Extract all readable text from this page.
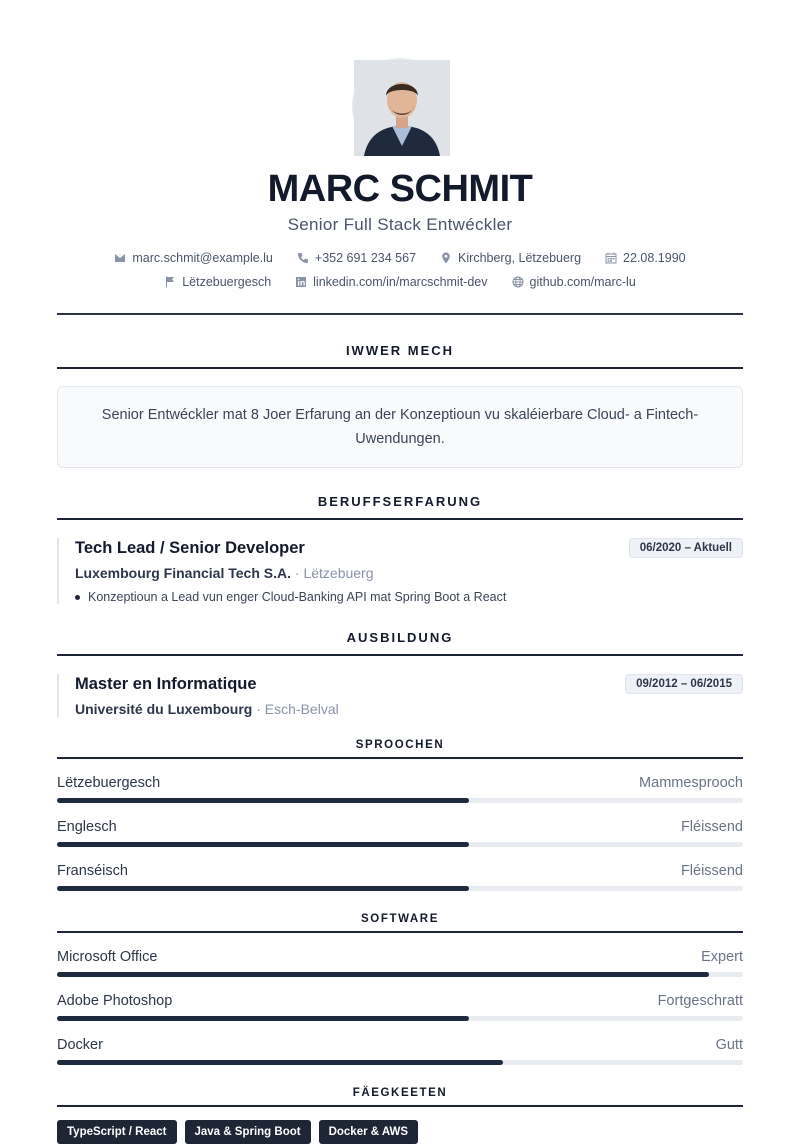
MARC SCHMIT
Senior Full Stack Entwéckler
marc.schmit@example.lu	+352 691 234 567	Kirchberg, Lëtzebuerg	22.08.1990
Lëtzebuergesch	linkedin.com/in/marcschmit-dev	github.com/marc-lu
IWWER MECH
Senior Entwéckler mat 8 Joer Erfarung an der Konzeptioun vu skaléierbare Cloud- a Fintech-Uwendungen.
BERUFFSERFARUNG
Tech Lead / Senior Developer	06/2020 – Aktuell
Luxembourg Financial Tech S.A. · Lëtzebuerg
Konzeptioun a Lead vun enger Cloud-Banking API mat Spring Boot a React
AUSBILDUNG
Master en Informatique	09/2012 – 06/2015
Université du Luxembourg · Esch-Belval
SPROOCHEN
Lëtzebuergesch	Mammesprooch
Englesch	Fléissend
Franséisch	Fléissend
SOFTWARE
Microsoft Office	Expert
Adobe Photoshop	Fortgeschratt
Docker	Gutt
FÄEGKEETEN
TypeScript / React	Java & Spring Boot	Docker & AWS
